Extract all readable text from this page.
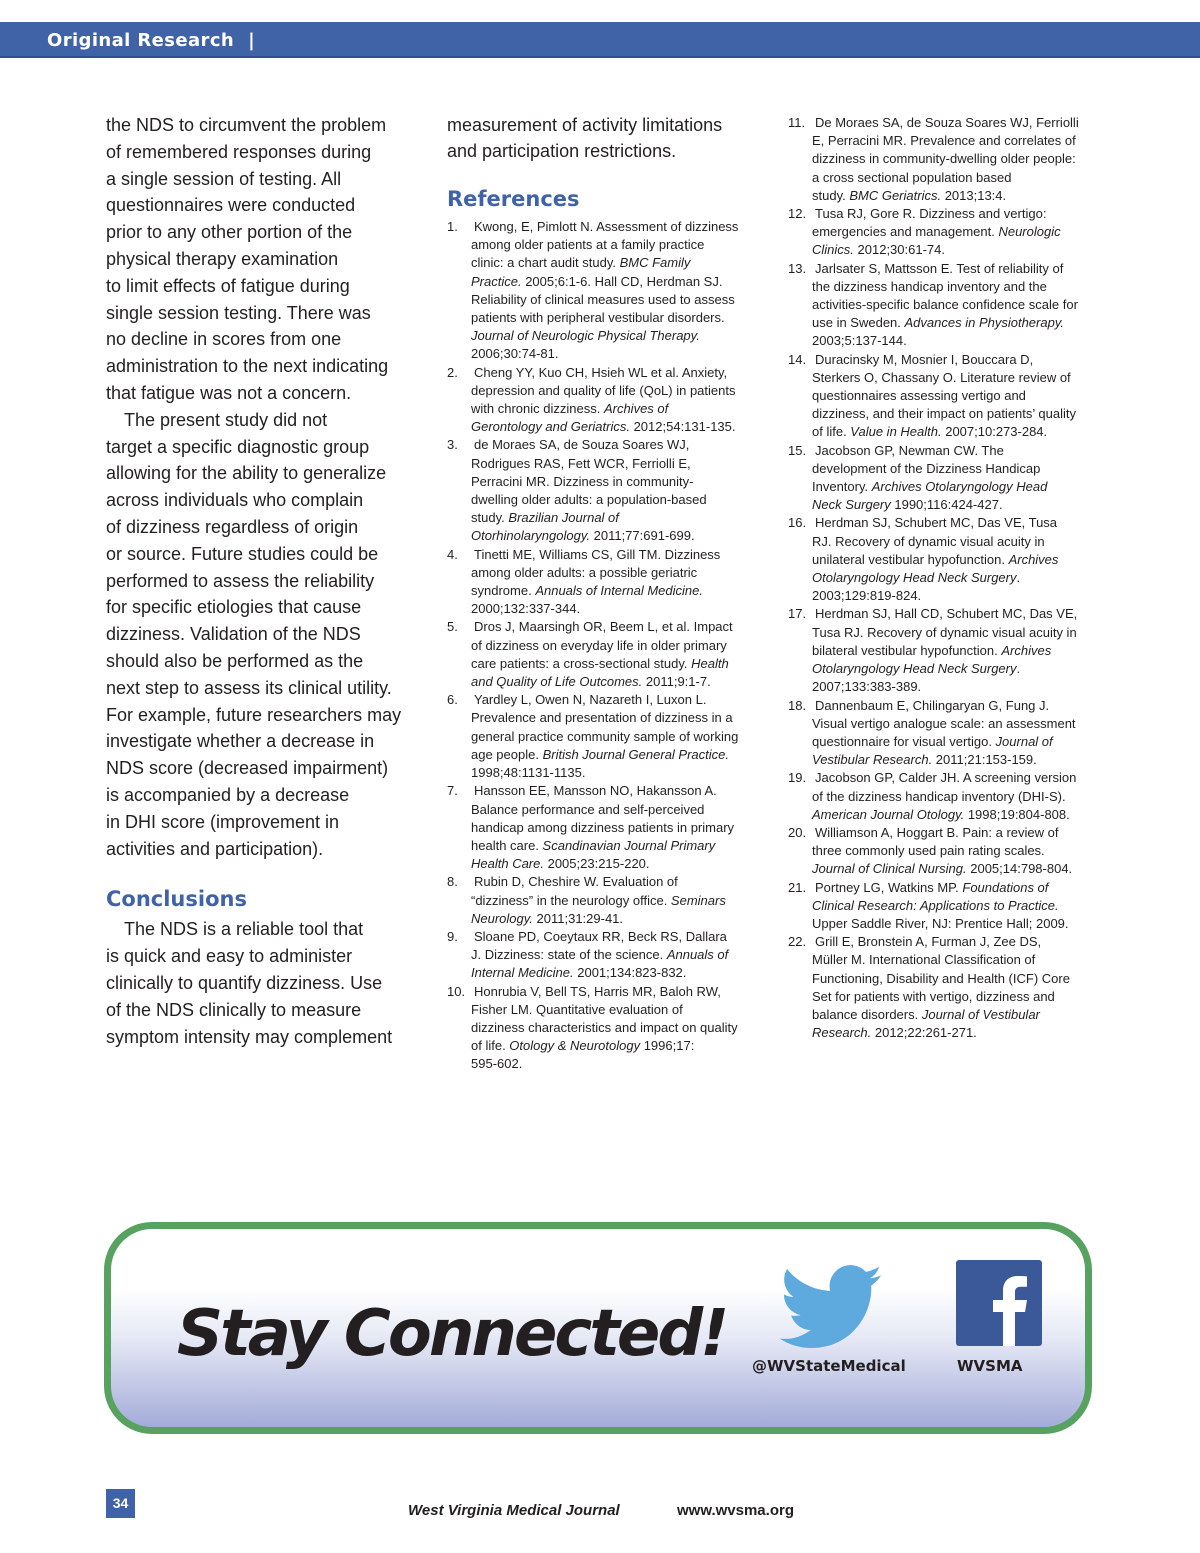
Original Research |

the NDS to circumvent the problem

of remembered responses during

a single session of testing. All

questionnaires were conducted

prior to any other portion of the

physical therapy examination

to limit effects of fatigue during

single session testing. There was

no decline in scores from one

administration to the next indicating

that fatigue was not a concern.

The present study did not

target a specific diagnostic group

allowing for the ability to generalize

across individuals who complain

of dizziness regardless of origin

or source. Future studies could be

performed to assess the reliability

for specific etiologies that cause

dizziness. Validation of the NDS

should also be performed as the

next step to assess its clinical utility.

For example, future researchers may

investigate whether a decrease in

NDS score (decreased impairment)

is accompanied by a decrease

in DHI score (improvement in

activities and participation).

Conclusions

The NDS is a reliable tool that

is quick and easy to administer

clinically to quantify dizziness. Use

of the NDS clinically to measure

symptom intensity may complement

measurement of activity limitations

and participation restrictions.

References
1. Kwong, E, Pimlott N. Assessment of dizziness
among older patients at a family practice
clinic: a chart audit study. BMC Family
Practice. 2005;6:1-6. Hall CD, Herdman SJ.
Reliability of clinical measures used to assess
patients with peripheral vestibular disorders.
Journal of Neurologic Physical Therapy.
2006;30:74-81.
2. Cheng YY, Kuo CH, Hsieh WL et al. Anxiety,
depression and quality of life (QoL) in patients
with chronic dizziness. Archives of
Gerontology and Geriatrics. 2012;54:131-135.
3. de Moraes SA, de Souza Soares WJ,
Rodrigues RAS, Fett WCR, Ferriolli E,
Perracini MR. Dizziness in community-
dwelling older adults: a population-based
study. Brazilian Journal of
Otorhinolaryngology. 2011;77:691-699.
4. Tinetti ME, Williams CS, Gill TM. Dizziness
among older adults: a possible geriatric
syndrome. Annuals of Internal Medicine.
2000;132:337-344.
5. Dros J, Maarsingh OR, Beem L, et al. Impact
of dizziness on everyday life in older primary
care patients: a cross-sectional study. Health
and Quality of Life Outcomes. 2011;9:1-7.
6. Yardley L, Owen N, Nazareth I, Luxon L.
Prevalence and presentation of dizziness in a
general practice community sample of working
age people. British Journal General Practice.
1998;48:1131-1135.
7. Hansson EE, Mansson NO, Hakansson A.
Balance performance and self-perceived
handicap among dizziness patients in primary
health care. Scandinavian Journal Primary
Health Care. 2005;23:215-220.
8. Rubin D, Cheshire W. Evaluation of
“dizziness” in the neurology office. Seminars
Neurology. 2011;31:29-41.
9. Sloane PD, Coeytaux RR, Beck RS, Dallara
J. Dizziness: state of the science. Annuals of
Internal Medicine. 2001;134:823-832.
10. Honrubia V, Bell TS, Harris MR, Baloh RW,
Fisher LM. Quantitative evaluation of
dizziness characteristics and impact on quality
of life. Otology & Neurotology 1996;17:
595-602.
11. De Moraes SA, de Souza Soares WJ, Ferriolli
E, Perracini MR. Prevalence and correlates of
dizziness in community-dwelling older people:
a cross sectional population based
study. BMC Geriatrics. 2013;13:4.
12. Tusa RJ, Gore R. Dizziness and vertigo:
emergencies and management. Neurologic
Clinics. 2012;30:61-74.
13. Jarlsater S, Mattsson E. Test of reliability of
the dizziness handicap inventory and the
activities-specific balance confidence scale for
use in Sweden. Advances in Physiotherapy.
2003;5:137-144.
14. Duracinsky M, Mosnier I, Bouccara D,
Sterkers O, Chassany O. Literature review of
questionnaires assessing vertigo and
dizziness, and their impact on patients’ quality
of life. Value in Health. 2007;10:273-284.
15. Jacobson GP, Newman CW. The
development of the Dizziness Handicap
Inventory. Archives Otolaryngology Head
Neck Surgery 1990;116:424-427.
16. Herdman SJ, Schubert MC, Das VE, Tusa
RJ. Recovery of dynamic visual acuity in
unilateral vestibular hypofunction. Archives
Otolaryngology Head Neck Surgery.
2003;129:819-824.
17. Herdman SJ, Hall CD, Schubert MC, Das VE,
Tusa RJ. Recovery of dynamic visual acuity in
bilateral vestibular hypofunction. Archives
Otolaryngology Head Neck Surgery.
2007;133:383-389.
18. Dannenbaum E, Chilingaryan G, Fung J.
Visual vertigo analogue scale: an assessment
questionnaire for visual vertigo. Journal of
Vestibular Research. 2011;21:153-159.
19. Jacobson GP, Calder JH. A screening version
of the dizziness handicap inventory (DHI-S).
American Journal Otology. 1998;19:804-808.
20. Williamson A, Hoggart B. Pain: a review of
three commonly used pain rating scales.
Journal of Clinical Nursing. 2005;14:798-804.
21. Portney LG, Watkins MP. Foundations of
Clinical Research: Applications to Practice.
Upper Saddle River, NJ: Prentice Hall; 2009.
22. Grill E, Bronstein A, Furman J, Zee DS,
Müller M. International Classification of
Functioning, Disability and Health (ICF) Core
Set for patients with vertigo, dizziness and
balance disorders. Journal of Vestibular
Research. 2012;22:261-271.
Stay Connected! @WVStateMedical	WVSMA
34	West Virginia Medical Journal	www.wvsma.org
